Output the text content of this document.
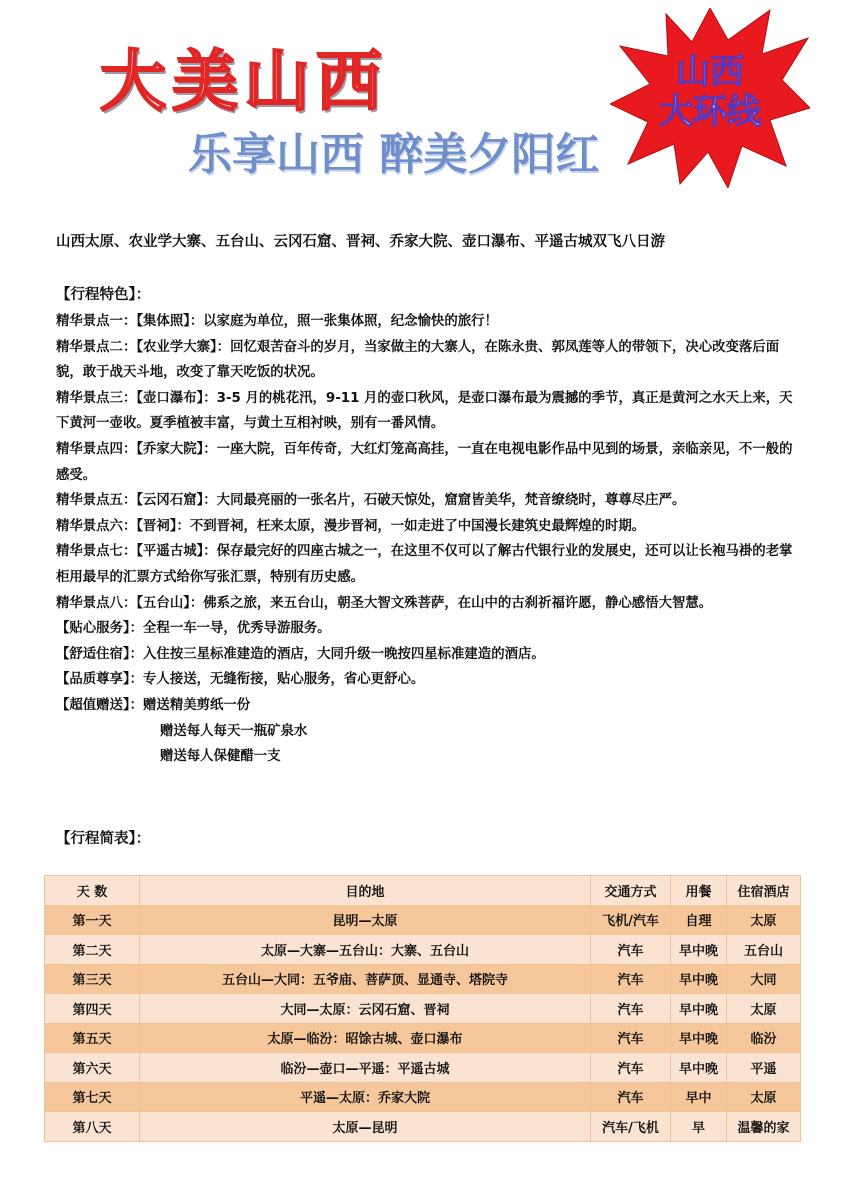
大美山西
乐享山西 醉美夕阳红
山西
大环线
山西太原、农业学大寨、五台山、云冈石窟、晋祠、乔家大院、壶口瀑布、平遥古城双飞八日游
【行程特色】：

精华景点一：【集体照】：以家庭为单位，照一张集体照，纪念愉快的旅行！

精华景点二：【农业学大寨】：回忆艰苦奋斗的岁月，当家做主的大寨人，在陈永贵、郭凤莲等人的带领下，决心改变落后面貌，敢于战天斗地，改变了靠天吃饭的状况。

精华景点三：【壶口瀑布】：3-5 月的桃花汛，9-11 月的壶口秋风，是壶口瀑布最为震撼的季节，真正是黄河之水天上来，天下黄河一壶收。夏季植被丰富，与黄土互相衬映，别有一番风情。

精华景点四：【乔家大院】：一座大院，百年传奇，大红灯笼高高挂，一直在电视电影作品中见到的场景，亲临亲见，不一般的感受。

精华景点五：【云冈石窟】：大同最亮丽的一张名片，石破天惊处，窟窟皆美华，梵音缭绕时，尊尊尽庄严。

精华景点六：【晋祠】：不到晋祠，枉来太原，漫步晋祠，一如走进了中国漫长建筑史最辉煌的时期。

精华景点七：【平遥古城】：保存最完好的四座古城之一，在这里不仅可以了解古代银行业的发展史，还可以让长袍马褂的老掌柜用最早的汇票方式给你写张汇票，特别有历史感。

精华景点八：【五台山】：佛系之旅，来五台山，朝圣大智文殊菩萨，在山中的古刹祈福许愿，静心感悟大智慧。

【贴心服务】：全程一车一导，优秀导游服务。

【舒适住宿】：入住按三星标准建造的酒店，大同升级一晚按四星标准建造的酒店。

【品质尊享】：专人接送，无缝衔接，贴心服务，省心更舒心。

【超值赠送】：赠送精美剪纸一份

赠送每人每天一瓶矿泉水

赠送每人保健醋一支

【行程简表】：
天 数	目的地	交通方式	用餐	住宿酒店
第一天	昆明—太原	飞机/汽车	自理	太原
第二天	太原—大寨—五台山：大寨、五台山	汽车	早中晚	五台山
第三天	五台山—大同：五爷庙、菩萨顶、显通寺、塔院寺	汽车	早中晚	大同
第四天	大同—太原：云冈石窟、晋祠	汽车	早中晚	太原
第五天	太原—临汾：昭馀古城、壶口瀑布	汽车	早中晚	临汾
第六天	临汾—壶口—平遥：平遥古城	汽车	早中晚	平遥
第七天	平遥—太原：乔家大院	汽车	早中	太原
第八天	太原—昆明	汽车/飞机	早	温馨的家
